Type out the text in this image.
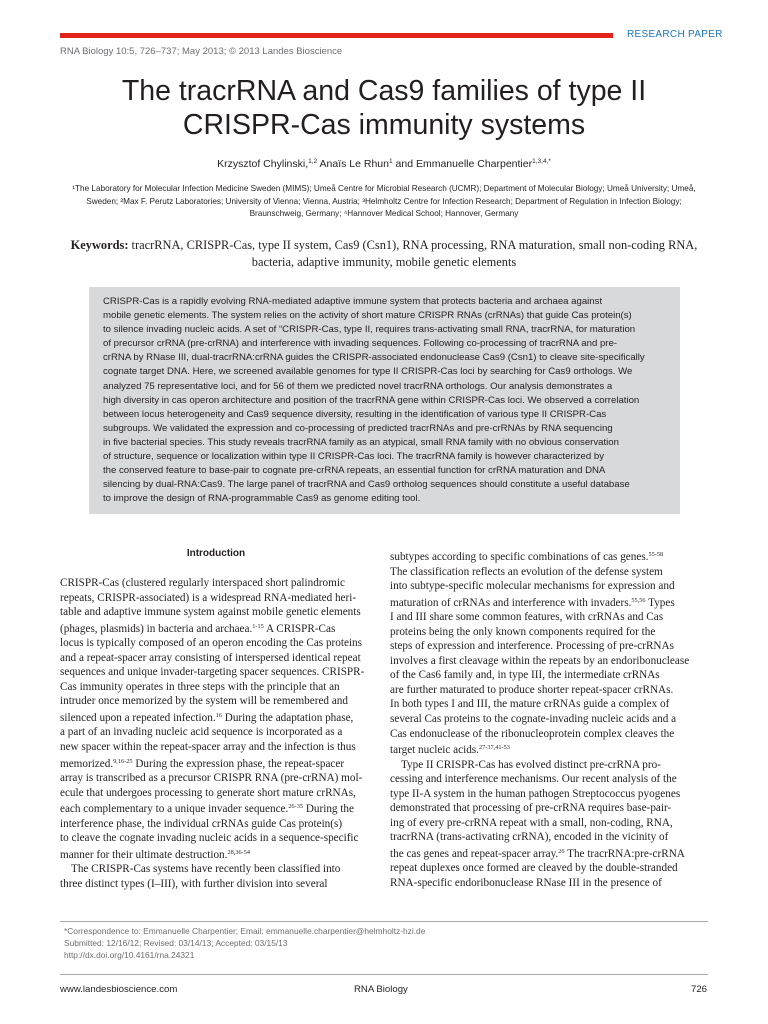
RESEARCH PAPER
RNA Biology 10:5, 726–737; May 2013; © 2013 Landes Bioscience
The tracrRNA and Cas9 families of type II
CRISPR-Cas immunity systems
Krzysztof Chylinski,$^{1,2}$ Anaïs Le Rhun$^1$ and Emmanuelle Charpentier$^{1,3,4,*}$
¹The Laboratory for Molecular Infection Medicine Sweden (MIMS); Umeå Centre for Microbial Research (UCMR); Department of Molecular Biology; Umeå University; Umeå,
Sweden; ²Max F. Perutz Laboratories; University of Vienna; Vienna, Austria; ³Helmholtz Centre for Infection Research; Department of Regulation in Infection Biology;
Braunschweig, Germany; ⁴Hannover Medical School; Hannover, Germany
Keywords: tracrRNA, CRISPR-Cas, type II system, Cas9 (Csn1), RNA processing, RNA maturation, small non-coding RNA,
bacteria, adaptive immunity, mobile genetic elements
CRISPR-Cas is a rapidly evolving RNA-mediated adaptive immune system that protects bacteria and archaea against
mobile genetic elements. The system relies on the activity of short mature CRISPR RNAs (crRNAs) that guide Cas protein(s)
to silence invading nucleic acids. A set of “CRISPR-Cas, type II, requires trans-activating small RNA, tracrRNA, for maturation
of precursor crRNA (pre-crRNA) and interference with invading sequences. Following co-processing of tracrRNA and pre-
crRNA by RNase III, dual-tracrRNA:crRNA guides the CRISPR-associated endonuclease Cas9 (Csn1) to cleave site-specifically
cognate target DNA. Here, we screened available genomes for type II CRISPR-Cas loci by searching for Cas9 orthologs. We
analyzed 75 representative loci, and for 56 of them we predicted novel tracrRNA orthologs. Our analysis demonstrates a
high diversity in cas operon architecture and position of the tracrRNA gene within CRISPR-Cas loci. We observed a correlation
between locus heterogeneity and Cas9 sequence diversity, resulting in the identification of various type II CRISPR-Cas
subgroups. We validated the expression and co-processing of predicted tracrRNAs and pre-crRNAs by RNA sequencing
in five bacterial species. This study reveals tracrRNA family as an atypical, small RNA family with no obvious conservation
of structure, sequence or localization within type II CRISPR-Cas loci. The tracrRNA family is however characterized by
the conserved feature to base-pair to cognate pre-crRNA repeats, an essential function for crRNA maturation and DNA
silencing by dual-RNA:Cas9. The large panel of tracrRNA and Cas9 ortholog sequences should constitute a useful database
to improve the design of RNA-programmable Cas9 as genome editing tool.
Introduction
CRISPR-Cas (clustered regularly interspaced short palindromic
repeats, CRISPR-associated) is a widespread RNA-mediated heri-
table and adaptive immune system against mobile genetic elements
(phages, plasmids) in bacteria and archaea.$^{1-15}$ A CRISPR-Cas
locus is typically composed of an operon encoding the Cas proteins
and a repeat-spacer array consisting of interspersed identical repeat
sequences and unique invader-targeting spacer sequences. CRISPR-
Cas immunity operates in three steps with the principle that an
intruder once memorized by the system will be remembered and
silenced upon a repeated infection.$^{16}$ During the adaptation phase,
a part of an invading nucleic acid sequence is incorporated as a
new spacer within the repeat-spacer array and the infection is thus
memorized.$^{9,16-25}$ During the expression phase, the repeat-spacer
array is transcribed as a precursor CRISPR RNA (pre-crRNA) mol-
ecule that undergoes processing to generate short mature crRNAs,
each complementary to a unique invader sequence.$^{26-35}$ During the
interference phase, the individual crRNAs guide Cas protein(s)
to cleave the cognate invading nucleic acids in a sequence-specific
manner for their ultimate destruction.$^{28,36-54}$
The CRISPR-Cas systems have recently been classified into
three distinct types (I–III), with further division into several
subtypes according to specific combinations of cas genes.$^{55-58}$
The classification reflects an evolution of the defense system
into subtype-specific molecular mechanisms for expression and
maturation of crRNAs and interference with invaders.$^{55,56}$ Types
I and III share some common features, with crRNAs and Cas
proteins being the only known components required for the
steps of expression and interference. Processing of pre-crRNAs
involves a first cleavage within the repeats by an endoribonuclease
of the Cas6 family and, in type III, the intermediate crRNAs
are further maturated to produce shorter repeat-spacer crRNAs.
In both types I and III, the mature crRNAs guide a complex of
several Cas proteins to the cognate-invading nucleic acids and a
Cas endonuclease of the ribonucleoprotein complex cleaves the
target nucleic acids.$^{27-37,41-53}$
Type II CRISPR-Cas has evolved distinct pre-crRNA pro-
cessing and interference mechanisms. Our recent analysis of the
type II-A system in the human pathogen Streptococcus pyogenes
demonstrated that processing of pre-crRNA requires base-pair-
ing of every pre-crRNA repeat with a small, non-coding, RNA,
tracrRNA (trans-activating crRNA), encoded in the vicinity of
the cas genes and repeat-spacer array.$^{26}$ The tracrRNA:pre-crRNA
repeat duplexes once formed are cleaved by the double-stranded
RNA-specific endoribonuclease RNase III in the presence of
*Correspondence to: Emmanuelle Charpentier; Email: emmanuelle.charpentier@helmholtz-hzi.de
Submitted: 12/16/12; Revised: 03/14/13; Accepted: 03/15/13
http://dx.doi.org/10.4161/rna.24321
www.landesbioscience.com	RNA Biology	726
